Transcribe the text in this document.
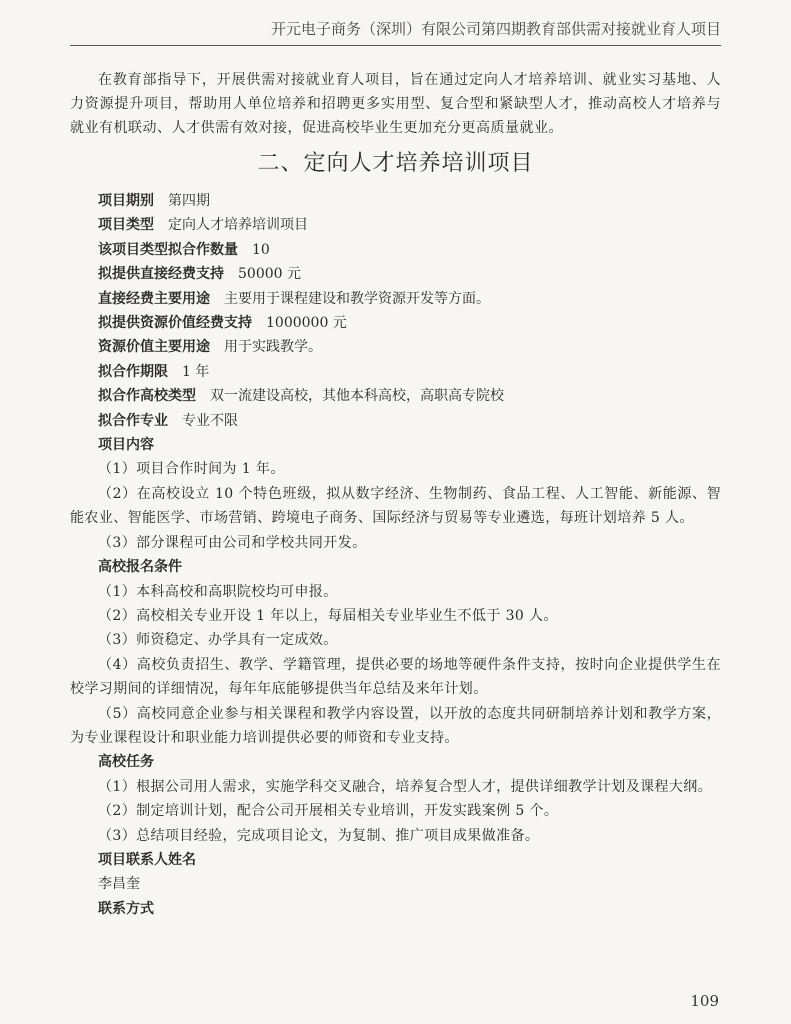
开元电子商务（深圳）有限公司第四期教育部供需对接就业育人项目

在教育部指导下，开展供需对接就业育人项目，旨在通过定向人才培养培训、就业实习基地、人力资源提升项目，帮助用人单位培养和招聘更多实用型、复合型和紧缺型人才，推动高校人才培养与就业有机联动、人才供需有效对接，促进高校毕业生更加充分更高质量就业。

二、定向人才培养培训项目

项目期别 第四期

项目类型 定向人才培养培训项目

该项目类型拟合作数量 10

拟提供直接经费支持 50000 元

直接经费主要用途 主要用于课程建设和教学资源开发等方面。

拟提供资源价值经费支持 1000000 元

资源价值主要用途 用于实践教学。

拟合作期限 1 年

拟合作高校类型 双一流建设高校，其他本科高校，高职高专院校

拟合作专业 专业不限

项目内容

（1）项目合作时间为 1 年。

（2）在高校设立 10 个特色班级，拟从数字经济、生物制药、食品工程、人工智能、新能源、智能农业、智能医学、市场营销、跨境电子商务、国际经济与贸易等专业遴选，每班计划培养 5 人。

（3）部分课程可由公司和学校共同开发。

高校报名条件

（1）本科高校和高职院校均可申报。

（2）高校相关专业开设 1 年以上，每届相关专业毕业生不低于 30 人。

（3）师资稳定、办学具有一定成效。

（4）高校负责招生、教学、学籍管理，提供必要的场地等硬件条件支持，按时向企业提供学生在校学习期间的详细情况，每年年底能够提供当年总结及来年计划。

（5）高校同意企业参与相关课程和教学内容设置，以开放的态度共同研制培养计划和教学方案，为专业课程设计和职业能力培训提供必要的师资和专业支持。

高校任务

（1）根据公司用人需求，实施学科交叉融合，培养复合型人才，提供详细教学计划及课程大纲。

（2）制定培训计划，配合公司开展相关专业培训，开发实践案例 5 个。

（3）总结项目经验，完成项目论文，为复制、推广项目成果做准备。

项目联系人姓名

李昌奎

联系方式

109
